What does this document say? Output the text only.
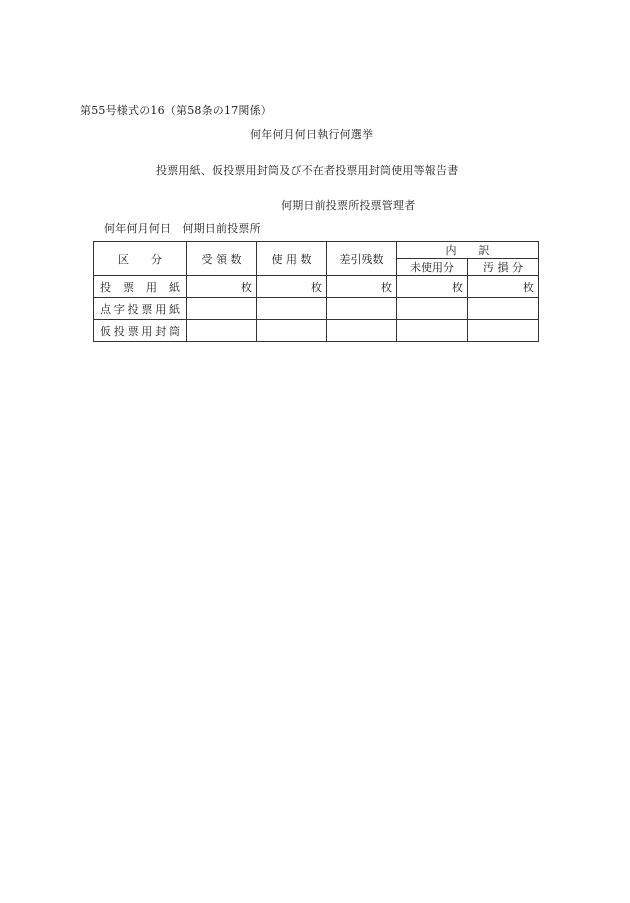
第55号様式の16（第58条の17関係）
何年何月何日執行何選挙
投票用紙、仮投票用封筒及び不在者投票用封筒使用等報告書
何期日前投票所投票管理者
何年何月何日　何期日前投票所
区　　分	受 領 数	使 用 数	差引残数	内　　訳	
				未使用分	汚 損 分
投票用紙	枚	枚	枚	枚	枚
点字投票用紙					
仮投票用封筒					
